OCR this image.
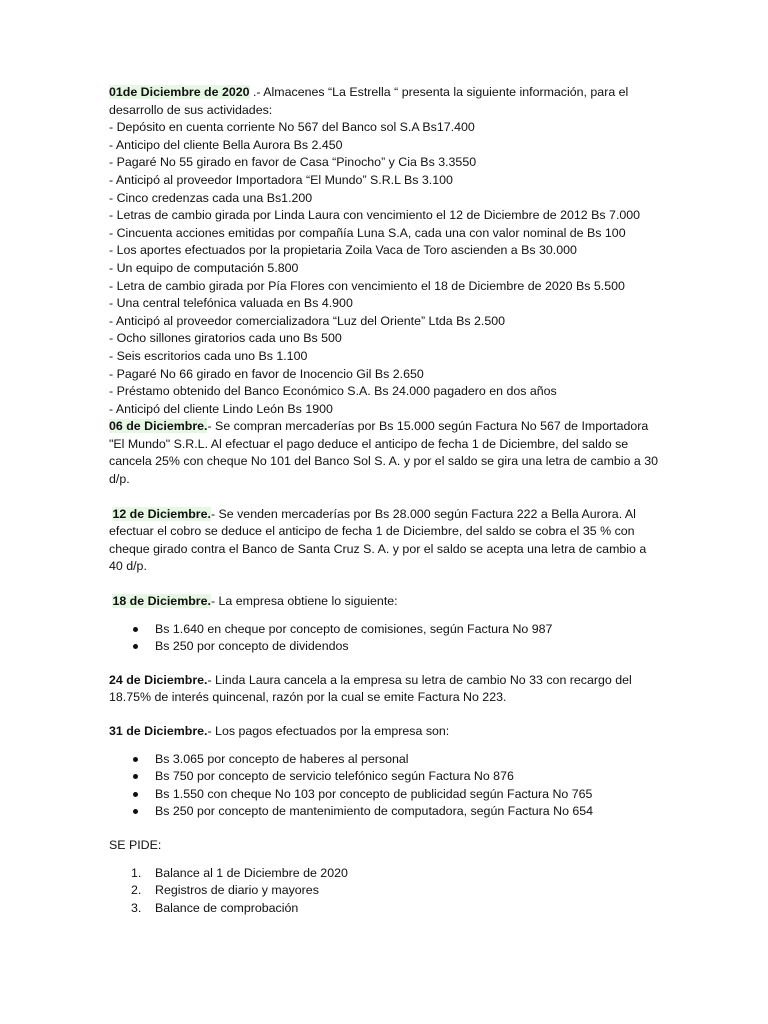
01de Diciembre de 2020 .- Almacenes “La Estrella “ presenta la siguiente información, para el desarrollo de sus actividades:

- Depósito en cuenta corriente No 567 del Banco sol S.A Bs17.400
- Anticipo del cliente Bella Aurora Bs 2.450
- Pagaré No 55 girado en favor de Casa “Pinocho” y Cia Bs 3.3550
- Anticipó al proveedor Importadora “El Mundo” S.R.L Bs 3.100
- Cinco credenzas cada una Bs1.200
- Letras de cambio girada por Linda Laura con vencimiento el 12 de Diciembre de 2012 Bs 7.000
- Cincuenta acciones emitidas por compañía Luna S.A, cada una con valor nominal de Bs 100
- Los aportes efectuados por la propietaria Zoila Vaca de Toro ascienden a Bs 30.000
- Un equipo de computación 5.800
- Letra de cambio girada por Pía Flores con vencimiento el 18 de Diciembre de 2020 Bs 5.500
- Una central telefónica valuada en Bs 4.900
- Anticipó al proveedor comercializadora “Luz del Oriente” Ltda Bs 2.500
- Ocho sillones giratorios cada uno Bs 500
- Seis escritorios cada uno Bs 1.100
- Pagaré No 66 girado en favor de Inocencio Gil Bs 2.650
- Préstamo obtenido del Banco Económico S.A. Bs 24.000 pagadero en dos años
- Anticipó del cliente Lindo León Bs 1900

06 de Diciembre.- Se compran mercaderías por Bs 15.000 según Factura No 567 de Importadora "El Mundo" S.R.L. Al efectuar el pago deduce el anticipo de fecha 1 de Diciembre, del saldo se cancela 25% con cheque No 101 del Banco Sol S. A. y por el saldo se gira una letra de cambio a 30 d/p.

12 de Diciembre.- Se venden mercaderías por Bs 28.000 según Factura 222 a Bella Aurora. Al efectuar el cobro se deduce el anticipo de fecha 1 de Diciembre, del saldo se cobra el 35 % con cheque girado contra el Banco de Santa Cruz S. A. y por el saldo se acepta una letra de cambio a 40 d/p.

18 de Diciembre.- La empresa obtiene lo siguiente:

Bs 1.640 en cheque por concepto de comisiones, según Factura No 987
Bs 250 por concepto de dividendos

24 de Diciembre.- Linda Laura cancela a la empresa su letra de cambio No 33 con recargo del 18.75% de interés quincenal, razón por la cual se emite Factura No 223.

31 de Diciembre.- Los pagos efectuados por la empresa son:

Bs 3.065 por concepto de haberes al personal
Bs 750 por concepto de servicio telefónico según Factura No 876
Bs 1.550 con cheque No 103 por concepto de publicidad según Factura No 765
Bs 250 por concepto de mantenimiento de computadora, según Factura No 654

SE PIDE:

1. Balance al 1 de Diciembre de 2020
2. Registros de diario y mayores
3. Balance de comprobación
